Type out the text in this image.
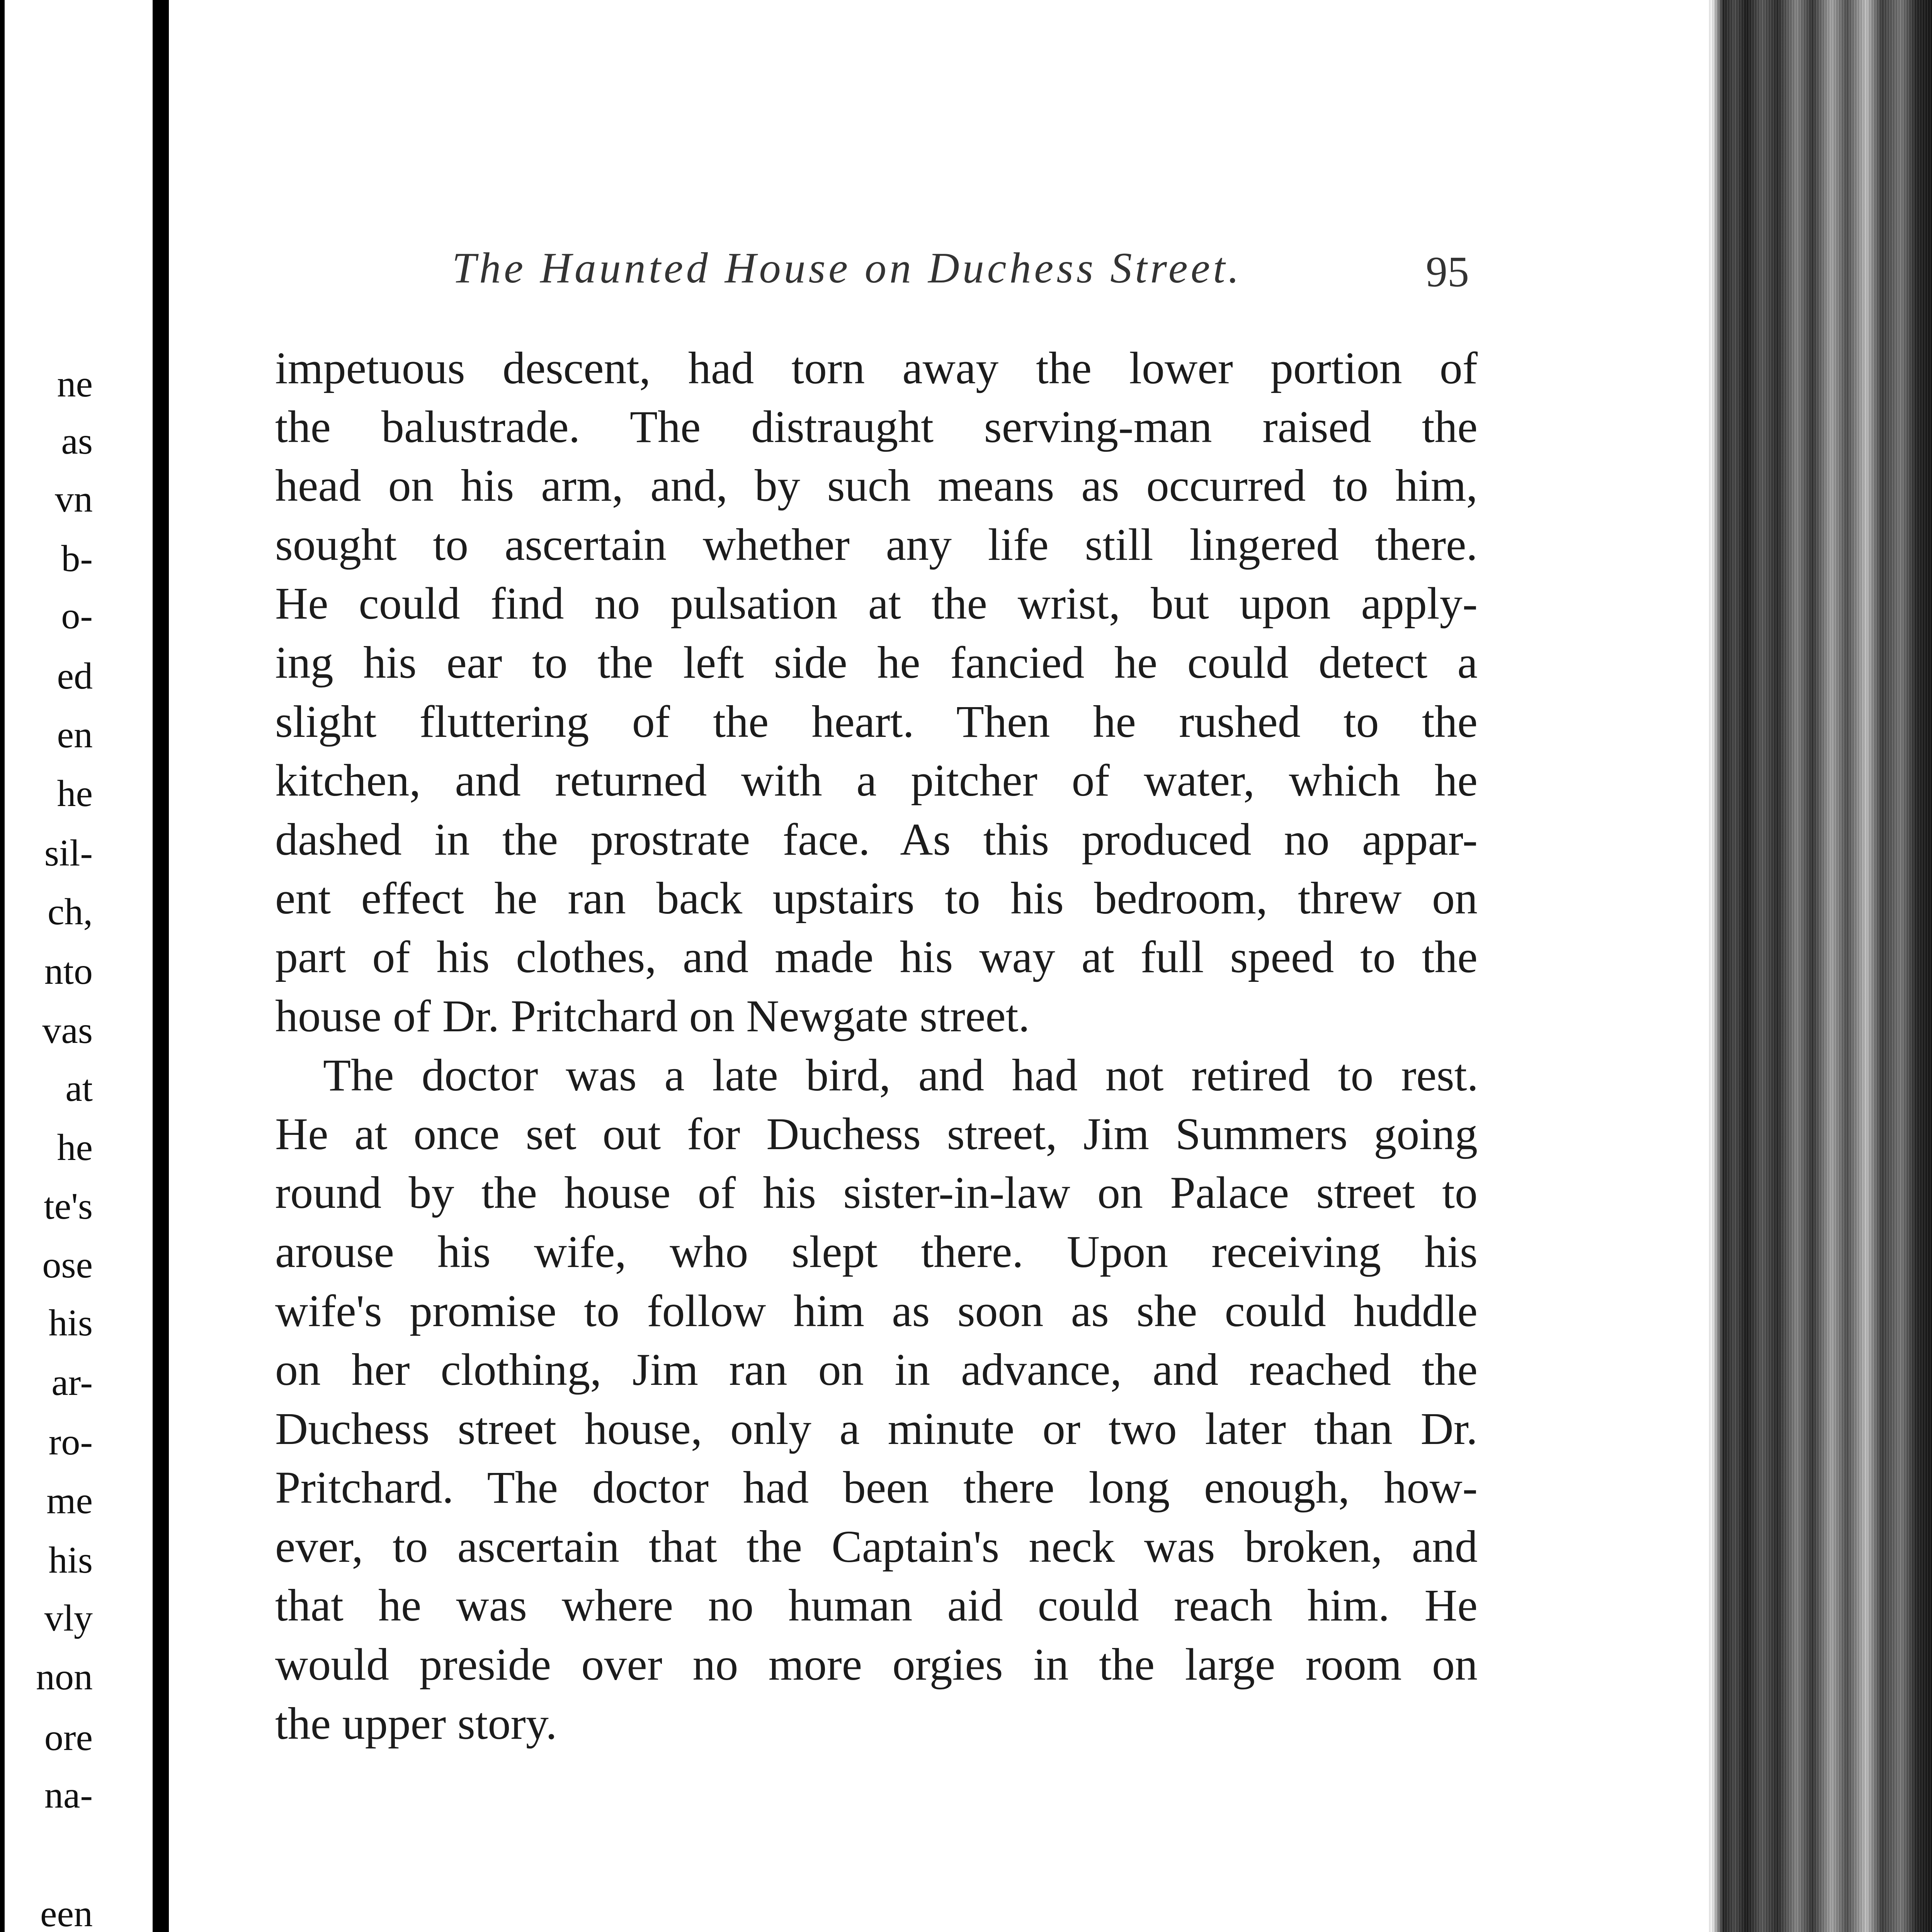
ne
as
vn
b-
o-
ed
en
he
sil-
ch,
nto
vas
at
he
te's
ose
his
ar-
ro-
me
his
vly
non
ore
na-
een
The Haunted House on Duchess Street.	95
impetuous descent, had torn away the lower portion of
the balustrade. The distraught serving-man raised the
head on his arm, and, by such means as occurred to him,
sought to ascertain whether any life still lingered there.
He could find no pulsation at the wrist, but upon apply-
ing his ear to the left side he fancied he could detect a
slight fluttering of the heart. Then he rushed to the
kitchen, and returned with a pitcher of water, which he
dashed in the prostrate face. As this produced no appar-
ent effect he ran back upstairs to his bedroom, threw on
part of his clothes, and made his way at full speed to the
house of Dr. Pritchard on Newgate street.
The doctor was a late bird, and had not retired to rest.
He at once set out for Duchess street, Jim Summers going
round by the house of his sister-in-law on Palace street to
arouse his wife, who slept there. Upon receiving his
wife's promise to follow him as soon as she could huddle
on her clothing, Jim ran on in advance, and reached the
Duchess street house, only a minute or two later than Dr.
Pritchard. The doctor had been there long enough, how-
ever, to ascertain that the Captain's neck was broken, and
that he was where no human aid could reach him. He
would preside over no more orgies in the large room on
the upper story.
